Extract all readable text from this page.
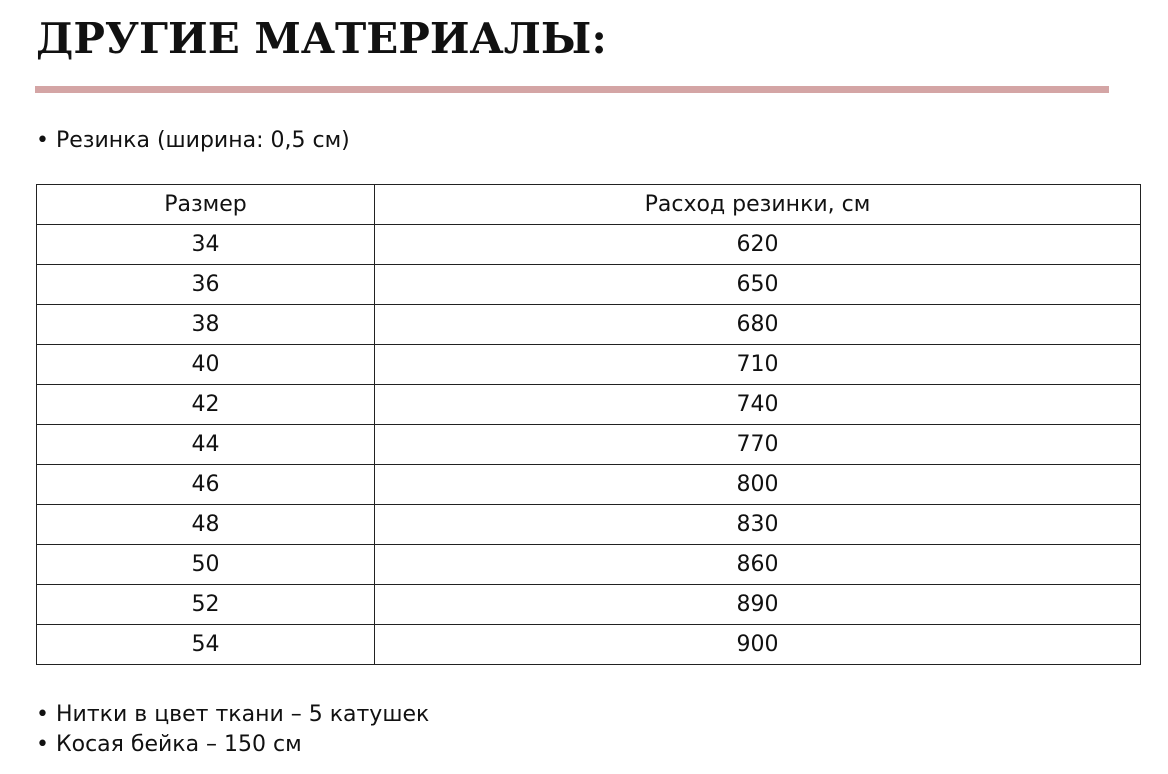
ДРУГИЕ МАТЕРИАЛЫ:
• Резинка (ширина: 0,5 см)
Размер	Расход резинки, см
34	620
36	650
38	680
40	710
42	740
44	770
46	800
48	830
50	860
52	890
54	900
• Нитки в цвет ткани – 5 катушек
• Косая бейка – 150 см
